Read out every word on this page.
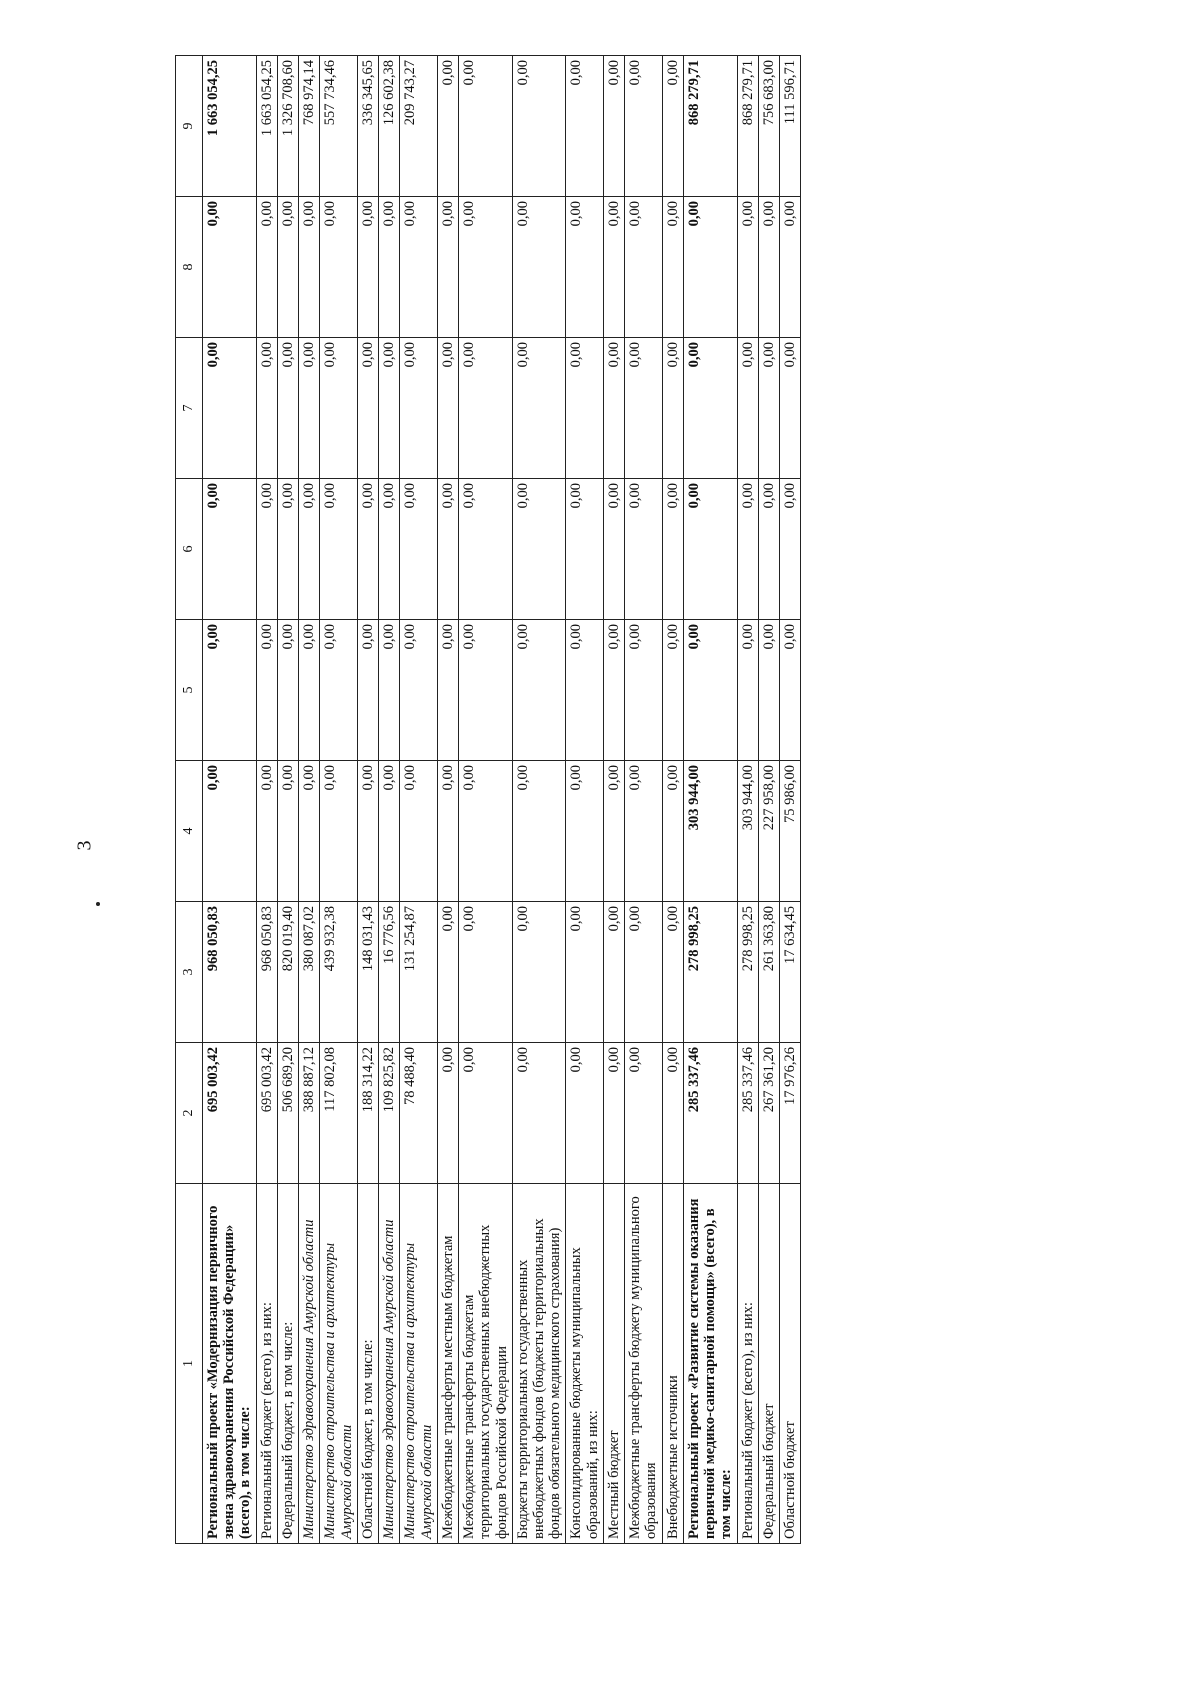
3
1	2	3	4	5	6	7	8	9
Региональный проект «Модернизация первичного звена здравоохранения Российской Федерации» (всего), в том числе:	695 003,42	968 050,83	0,00	0,00	0,00	0,00	0,00	1 663 054,25
Региональный бюджет (всего), из них:	695 003,42	968 050,83	0,00	0,00	0,00	0,00	0,00	1 663 054,25
Федеральный бюджет, в том числе:	506 689,20	820 019,40	0,00	0,00	0,00	0,00	0,00	1 326 708,60
Министерство здравоохранения Амурской области	388 887,12	380 087,02	0,00	0,00	0,00	0,00	0,00	768 974,14
Министерство строительства и архитектуры Амурской области	117 802,08	439 932,38	0,00	0,00	0,00	0,00	0,00	557 734,46
Областной бюджет, в том числе:	188 314,22	148 031,43	0,00	0,00	0,00	0,00	0,00	336 345,65
Министерство здравоохранения Амурской области	109 825,82	16 776,56	0,00	0,00	0,00	0,00	0,00	126 602,38
Министерство строительства и архитектуры Амурской области	78 488,40	131 254,87	0,00	0,00	0,00	0,00	0,00	209 743,27
Межбюджетные трансферты местным бюджетам	0,00	0,00	0,00	0,00	0,00	0,00	0,00	0,00
Межбюджетные трансферты бюджетам территориальных государственных внебюджетных фондов Российской Федерации	0,00	0,00	0,00	0,00	0,00	0,00	0,00	0,00
Бюджеты территориальных государственных внебюджетных фондов (бюджеты территориальных фондов обязательного медицинского страхования)	0,00	0,00	0,00	0,00	0,00	0,00	0,00	0,00
Консолидированные бюджеты муниципальных образований, из них:	0,00	0,00	0,00	0,00	0,00	0,00	0,00	0,00
Местный бюджет	0,00	0,00	0,00	0,00	0,00	0,00	0,00	0,00
Межбюджетные трансферты бюджету муниципального образования	0,00	0,00	0,00	0,00	0,00	0,00	0,00	0,00
Внебюджетные источники	0,00	0,00	0,00	0,00	0,00	0,00	0,00	0,00
Региональный проект «Развитие системы оказания первичной медико-санитарной помощи» (всего), в том числе:	285 337,46	278 998,25	303 944,00	0,00	0,00	0,00	0,00	868 279,71
Региональный бюджет (всего), из них:	285 337,46	278 998,25	303 944,00	0,00	0,00	0,00	0,00	868 279,71
Федеральный бюджет	267 361,20	261 363,80	227 958,00	0,00	0,00	0,00	0,00	756 683,00
Областной бюджет	17 976,26	17 634,45	75 986,00	0,00	0,00	0,00	0,00	111 596,71
